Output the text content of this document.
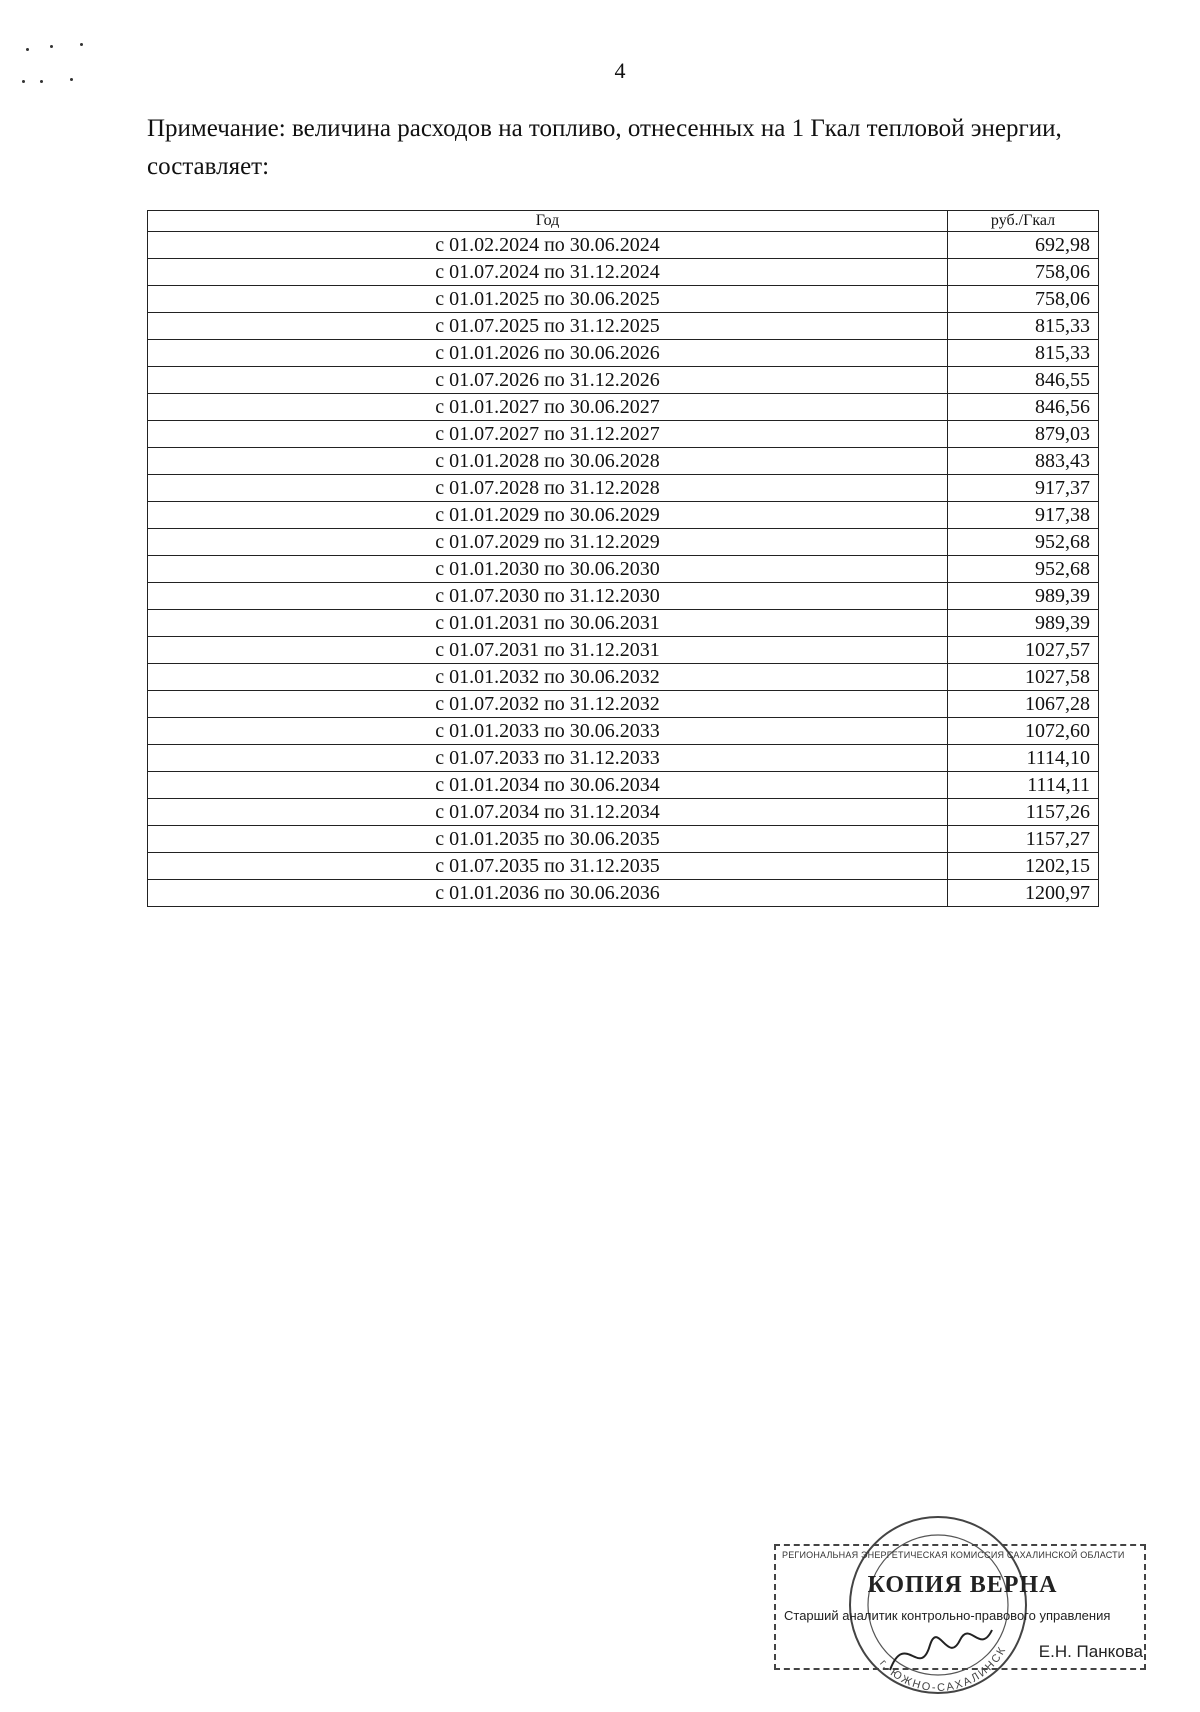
4
Примечание: величина расходов на топливо, отнесенных на 1 Гкал тепловой энергии, составляет:
Год	руб./Гкал
с 01.02.2024 по 30.06.2024	692,98
с 01.07.2024 по 31.12.2024	758,06
с 01.01.2025 по 30.06.2025	758,06
с 01.07.2025 по 31.12.2025	815,33
с 01.01.2026 по 30.06.2026	815,33
с 01.07.2026 по 31.12.2026	846,55
с 01.01.2027 по 30.06.2027	846,56
с 01.07.2027 по 31.12.2027	879,03
с 01.01.2028 по 30.06.2028	883,43
с 01.07.2028 по 31.12.2028	917,37
с 01.01.2029 по 30.06.2029	917,38
с 01.07.2029 по 31.12.2029	952,68
с 01.01.2030 по 30.06.2030	952,68
с 01.07.2030 по 31.12.2030	989,39
с 01.01.2031 по 30.06.2031	989,39
с 01.07.2031 по 31.12.2031	1027,57
с 01.01.2032 по 30.06.2032	1027,58
с 01.07.2032 по 31.12.2032	1067,28
с 01.01.2033 по 30.06.2033	1072,60
с 01.07.2033 по 31.12.2033	1114,10
с 01.01.2034 по 30.06.2034	1114,11
с 01.07.2034 по 31.12.2034	1157,26
с 01.01.2035 по 30.06.2035	1157,27
с 01.07.2035 по 31.12.2035	1202,15
с 01.01.2036 по 30.06.2036	1200,97
г. ЮЖНО-САХАЛИНСК
РЕГИОНАЛЬНАЯ ЭНЕРГЕТИЧЕСКАЯ КОМИССИЯ САХАЛИНСКОЙ ОБЛАСТИ
КОПИЯ ВЕРНА
Старший аналитик контрольно-правового управления
Е.Н. Панкова
